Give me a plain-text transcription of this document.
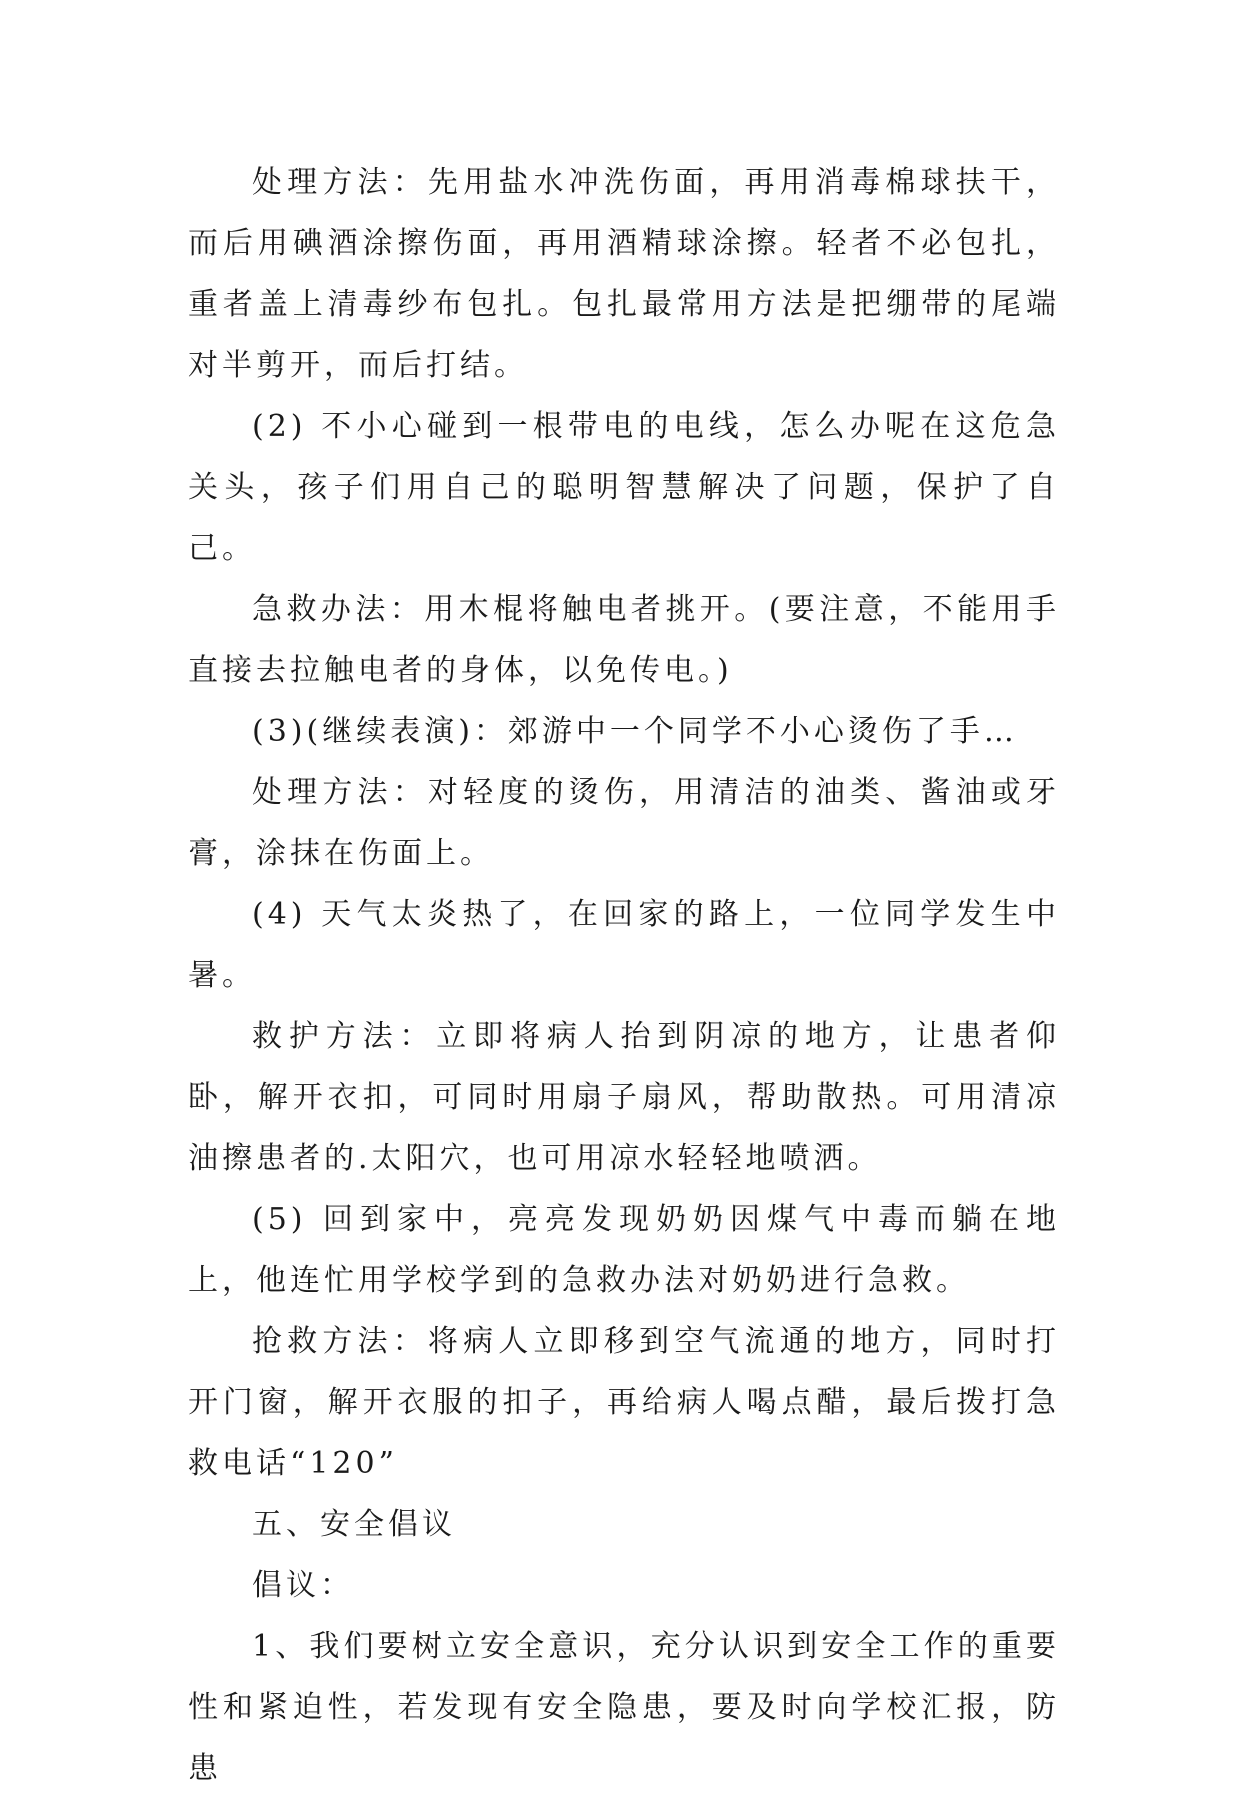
处理方法：先用盐水冲洗伤面，再用消毒棉球扶干，而后用碘酒涂擦伤面，再用酒精球涂擦。轻者不必包扎，重者盖上清毒纱布包扎。包扎最常用方法是把绷带的尾端对半剪开，而后打结。

(2) 不小心碰到一根带电的电线，怎么办呢在这危急关头，孩子们用自己的聪明智慧解决了问题，保护了自己。

急救办法：用木棍将触电者挑开。(要注意，不能用手直接去拉触电者的身体，以免传电。)

(3)(继续表演)：郊游中一个同学不小心烫伤了手…

处理方法：对轻度的烫伤，用清洁的油类、酱油或牙膏，涂抹在伤面上。

(4) 天气太炎热了，在回家的路上，一位同学发生中暑。

救护方法：立即将病人抬到阴凉的地方，让患者仰卧，解开衣扣，可同时用扇子扇风，帮助散热。可用清凉油擦患者的.太阳穴，也可用凉水轻轻地喷洒。

(5) 回到家中，亮亮发现奶奶因煤气中毒而躺在地上，他连忙用学校学到的急救办法对奶奶进行急救。

抢救方法：将病人立即移到空气流通的地方，同时打开门窗，解开衣服的扣子，再给病人喝点醋，最后拨打急救电话“120”

五、安全倡议

倡议：

1、我们要树立安全意识，充分认识到安全工作的重要性和紧迫性，若发现有安全隐患，要及时向学校汇报，防患
